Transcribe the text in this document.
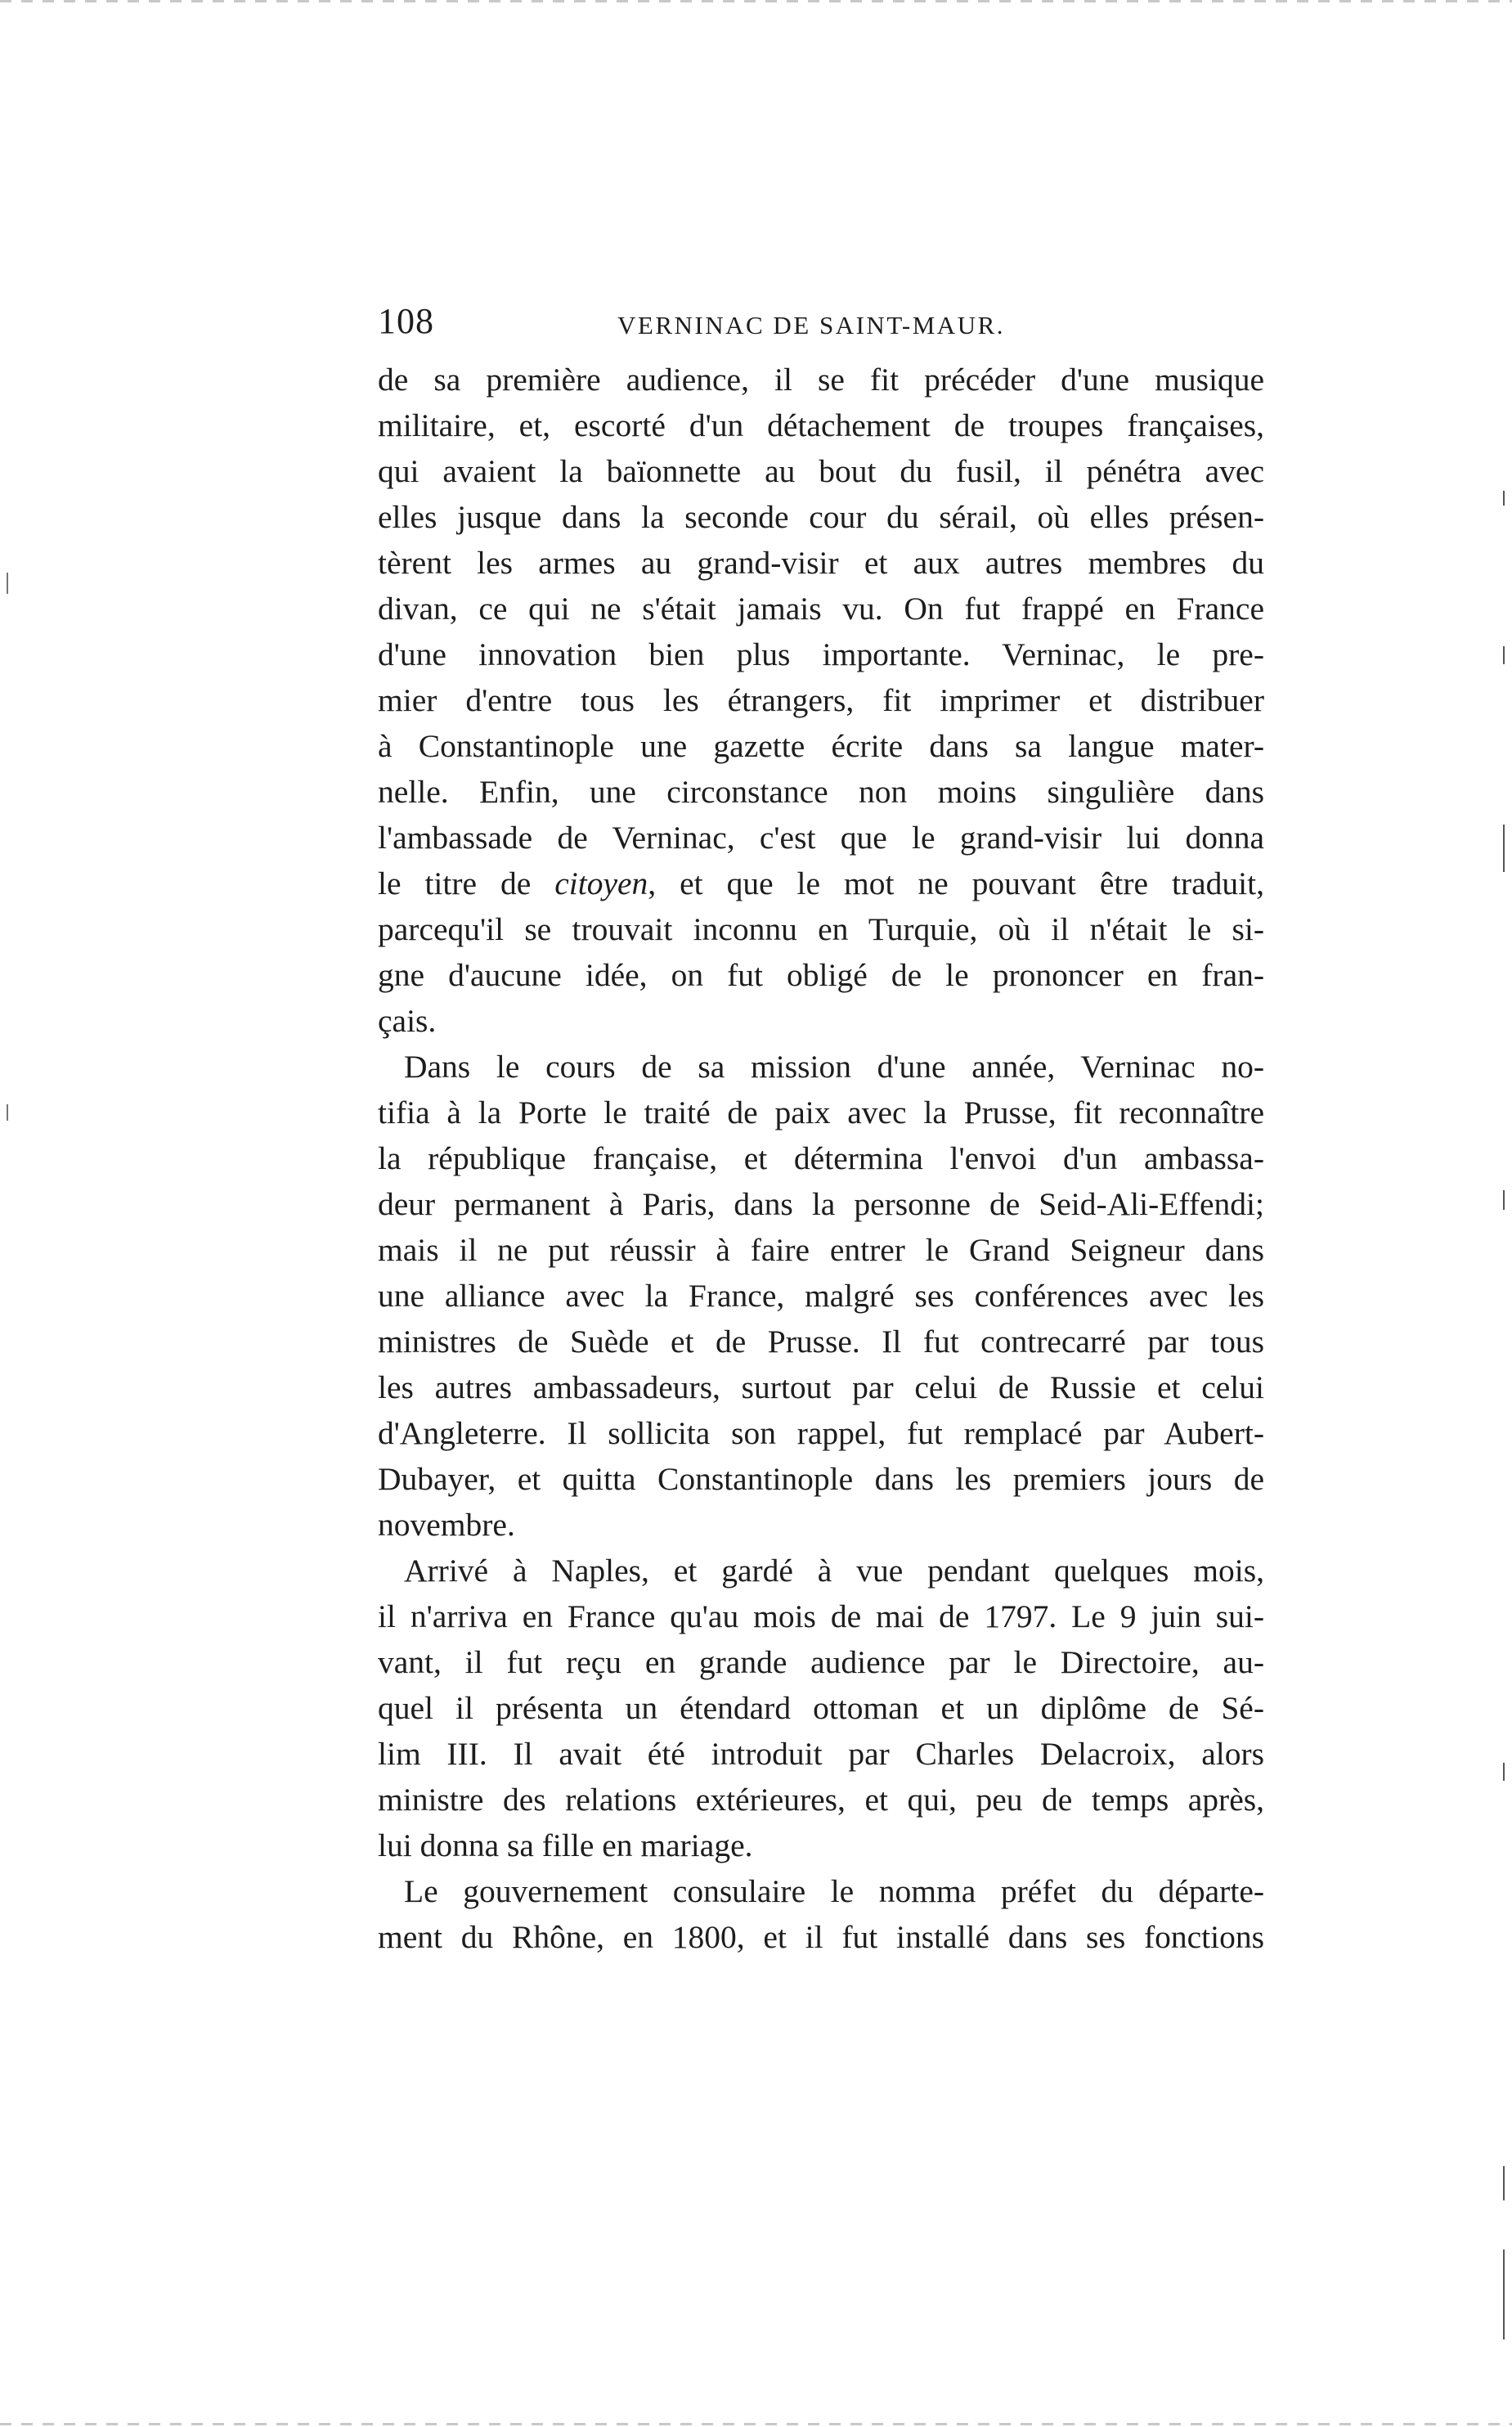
108	VERNINAC DE SAINT-MAUR.
de sa première audience, il se fit précéder d'une musique
militaire, et, escorté d'un détachement de troupes françaises,
qui avaient la baïonnette au bout du fusil, il pénétra avec
elles jusque dans la seconde cour du sérail, où elles présen-
tèrent les armes au grand-visir et aux autres membres du
divan, ce qui ne s'était jamais vu. On fut frappé en France
d'une innovation bien plus importante. Verninac, le pre-
mier d'entre tous les étrangers, fit imprimer et distribuer
à Constantinople une gazette écrite dans sa langue mater-
nelle. Enfin, une circonstance non moins singulière dans
l'ambassade de Verninac, c'est que le grand-visir lui donna
le titre de citoyen, et que le mot ne pouvant être traduit,
parcequ'il se trouvait inconnu en Turquie, où il n'était le si-
gne d'aucune idée, on fut obligé de le prononcer en fran-
çais.
Dans le cours de sa mission d'une année, Verninac no-
tifia à la Porte le traité de paix avec la Prusse, fit reconnaître
la république française, et détermina l'envoi d'un ambassa-
deur permanent à Paris, dans la personne de Seid-Ali-Effendi;
mais il ne put réussir à faire entrer le Grand Seigneur dans
une alliance avec la France, malgré ses conférences avec les
ministres de Suède et de Prusse. Il fut contrecarré par tous
les autres ambassadeurs, surtout par celui de Russie et celui
d'Angleterre. Il sollicita son rappel, fut remplacé par Aubert-
Dubayer, et quitta Constantinople dans les premiers jours de
novembre.
Arrivé à Naples, et gardé à vue pendant quelques mois,
il n'arriva en France qu'au mois de mai de 1797. Le 9 juin sui-
vant, il fut reçu en grande audience par le Directoire, au-
quel il présenta un étendard ottoman et un diplôme de Sé-
lim III. Il avait été introduit par Charles Delacroix, alors
ministre des relations extérieures, et qui, peu de temps après,
lui donna sa fille en mariage.
Le gouvernement consulaire le nomma préfet du départe-
ment du Rhône, en 1800, et il fut installé dans ses fonctions
